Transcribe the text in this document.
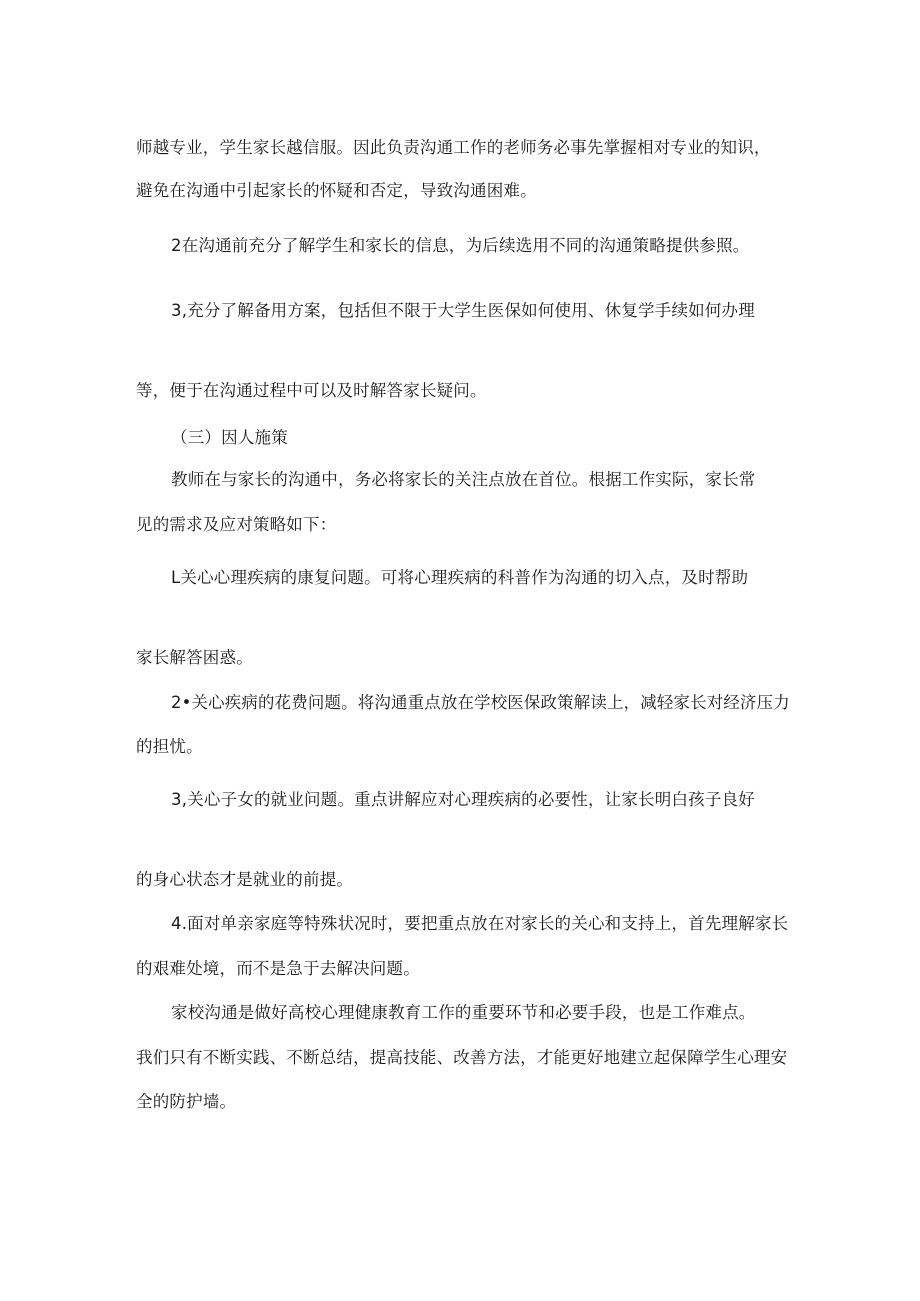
师越专业，学生家长越信服。因此负责沟通工作的老师务必事先掌握相对专业的知识，
避免在沟通中引起家长的怀疑和否定，导致沟通困难。
2在沟通前充分了解学生和家长的信息，为后续选用不同的沟通策略提供参照。
3,充分了解备用方案，包括但不限于大学生医保如何使用、休复学手续如何办理
等，便于在沟通过程中可以及时解答家长疑问。
（三）因人施策
教师在与家长的沟通中，务必将家长的关注点放在首位。根据工作实际，家长常
见的需求及应对策略如下：
L关心心理疾病的康复问题。可将心理疾病的科普作为沟通的切入点，及时帮助
家长解答困惑。
2•关心疾病的花费问题。将沟通重点放在学校医保政策解读上，减轻家长对经济压力
的担忧。
3,关心子女的就业问题。重点讲解应对心理疾病的必要性，让家长明白孩子良好
的身心状态才是就业的前提。
4.面对单亲家庭等特殊状况时，要把重点放在对家长的关心和支持上，首先理解家长
的艰难处境，而不是急于去解决问题。
家校沟通是做好高校心理健康教育工作的重要环节和必要手段，也是工作难点。
我们只有不断实践、不断总结，提高技能、改善方法，才能更好地建立起保障学生心理安
全的防护墙。
